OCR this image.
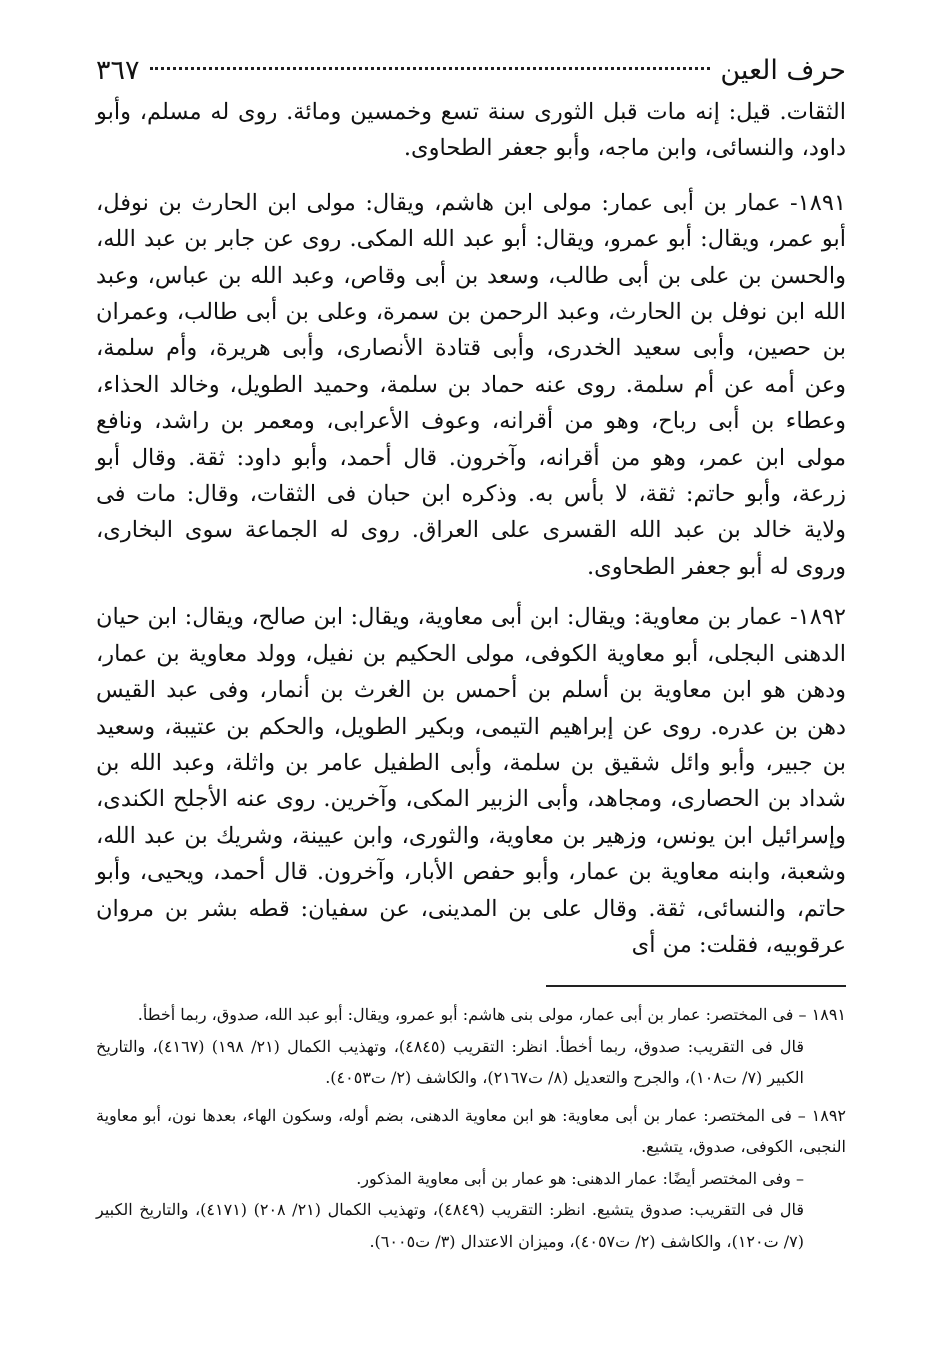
حرف العين
٣٦٧

الثقات. قيل: إنه مات قبل الثورى سنة تسع وخمسين ومائة. روى له مسلم، وأبو داود، والنسائى، وابن ماجه، وأبو جعفر الطحاوى.

١٨٩١- عمار بن أبى عمار: مولى ابن هاشم، ويقال: مولى ابن الحارث بن نوفل، أبو عمر، ويقال: أبو عمرو، ويقال: أبو عبد الله المكى. روى عن جابر بن عبد الله، والحسن بن على بن أبى طالب، وسعد بن أبى وقاص، وعبد الله بن عباس، وعبد الله ابن نوفل بن الحارث، وعبد الرحمن بن سمرة، وعلى بن أبى طالب، وعمران بن حصين، وأبى سعيد الخدرى، وأبى قتادة الأنصارى، وأبى هريرة، وأم سلمة، وعن أمه عن أم سلمة. روى عنه حماد بن سلمة، وحميد الطويل، وخالد الحذاء، وعطاء بن أبى رباح، وهو من أقرانه، وعوف الأعرابى، ومعمر بن راشد، ونافع مولى ابن عمر، وهو من أقرانه، وآخرون. قال أحمد، وأبو داود: ثقة. وقال أبو زرعة، وأبو حاتم: ثقة، لا بأس به. وذكره ابن حبان فى الثقات، وقال: مات فى ولاية خالد بن عبد الله القسرى على العراق. روى له الجماعة سوى البخارى، وروى له أبو جعفر الطحاوى.

١٨٩٢- عمار بن معاوية: ويقال: ابن أبى معاوية، ويقال: ابن صالح، ويقال: ابن حيان الدهنى البجلى، أبو معاوية الكوفى، مولى الحكيم بن نفيل، وولد معاوية بن عمار، ودهن هو ابن معاوية بن أسلم بن أحمس بن الغرث بن أنمار، وفى عبد القيس دهن بن عدره. روى عن إبراهيم التيمى، وبكير الطويل، والحكم بن عتيبة، وسعيد بن جبير، وأبو وائل شقيق بن سلمة، وأبى الطفيل عامر بن واثلة، وعبد الله بن شداد بن الحصارى، ومجاهد، وأبى الزبير المكى، وآخرين. روى عنه الأجلح الكندى، وإسرائيل ابن يونس، وزهير بن معاوية، والثورى، وابن عيينة، وشريك بن عبد الله، وشعبة، وابنه معاوية بن عمار، وأبو حفص الأبار، وآخرون. قال أحمد، ويحيى، وأبو حاتم، والنسائى، ثقة. وقال على بن المدينى، عن سفيان: قطه بشر بن مروان عرقوبيه، فقلت: من أى

١٨٩١ – فى المختصر: عمار بن أبى عمار، مولى بنى هاشم: أبو عمرو، ويقال: أبو عبد الله، صدوق، ربما أخطأ.

قال فى التقريب: صدوق، ربما أخطأ. انظر: التقريب (٤٨٤٥)، وتهذيب الكمال (٢١/ ١٩٨) (٤١٦٧)، والتاريخ الكبير (٧/ ت١٠٨)، والجرح والتعديل (٨/ ت٢١٦٧)، والكاشف (٢/ ت٤٠٥٣).

١٨٩٢ – فى المختصر: عمار بن أبى معاوية: هو ابن معاوية الدهنى، بضم أوله، وسكون الهاء، بعدها نون، أبو معاوية النجبى، الكوفى، صدوق، يتشيع.

– وفى المختصر أيضًا: عمار الدهنى: هو عمار بن أبى معاوية المذكور.

قال فى التقريب: صدوق يتشيع. انظر: التقريب (٤٨٤٩)، وتهذيب الكمال (٢١/ ٢٠٨) (٤١٧١)، والتاريخ الكبير (٧/ ت١٢٠)، والكاشف (٢/ ت٤٠٥٧)، وميزان الاعتدال (٣/ ت٦٠٠٥).
